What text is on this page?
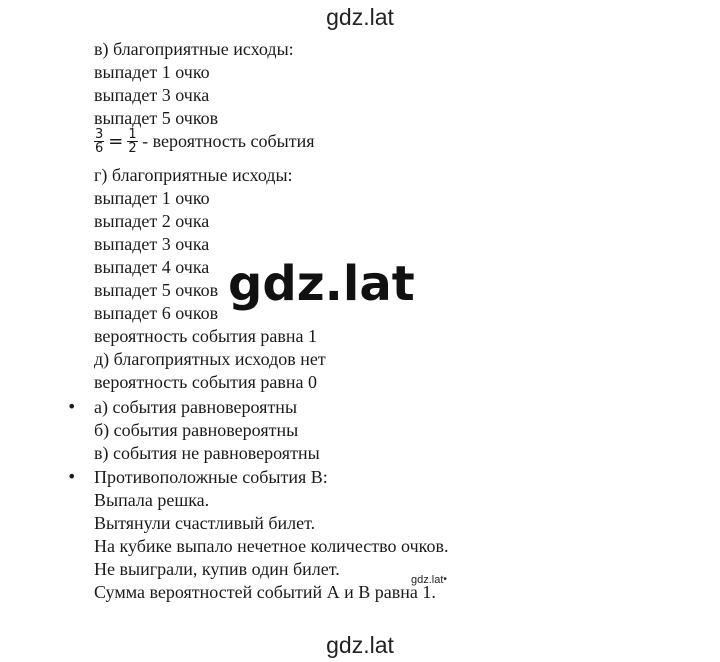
gdz.lat
в) благоприятные исходы:
выпадет 1 очко
выпадет 3 очка
выпадет 5 очков
$\frac{3}{6} = \frac{1}{2}$ - вероятность события
г) благоприятные исходы:
выпадет 1 очко
выпадет 2 очка
выпадет 3 очка
выпадет 4 очка
выпадет 5 очков
выпадет 6 очков
вероятность события равна 1
д) благоприятных исходов нет
вероятность события равна 0
• а) события равновероятны
б) события равновероятны
в) события не равновероятны
• Противоположные события В:
Выпала решка.
Вытянули счастливый билет.
На кубике выпало нечетное количество очков.
Не выиграли, купив один билет.
Сумма вероятностей событий А и В равна 1.
gdz.lat
gdz.lat•
gdz.lat
